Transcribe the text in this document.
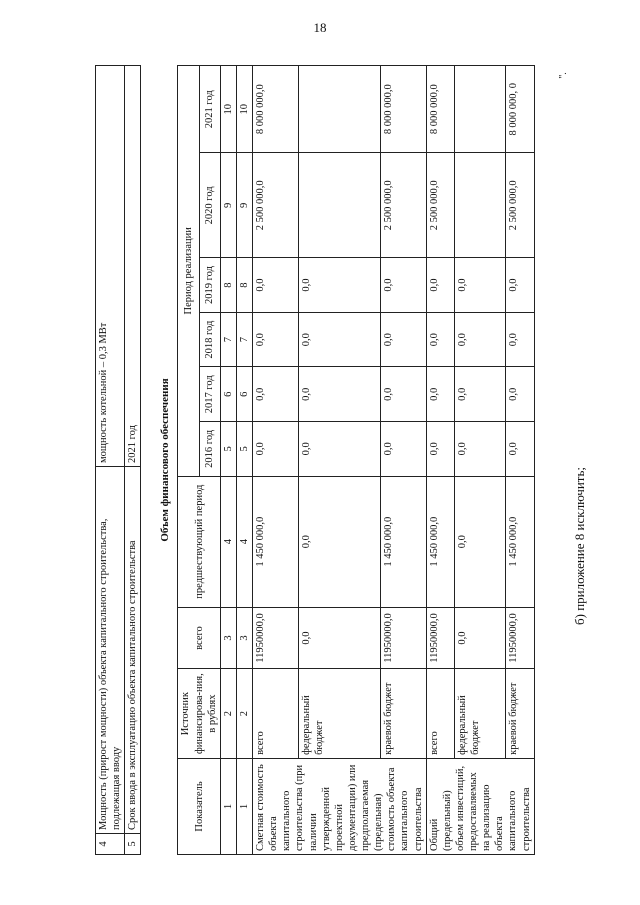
18
4	Мощность (прирост мощности) объекта капитального строительства, подлежащая вводу	мощность котельной – 0,3 МВт
5	Срок ввода в эксплуатацию объекта капитального строительства	2021 год Объем финансового обеспечения
Показатель	Источник финансирова-ния, в рублях	всего	предшествующий период	Период реализации					
				2016 год	2017 год	2018 год	2019 год	2020 год	2021 год
1	2	3	4	5	6	7	8	9	10
1	2	3	4	5	6	7	8	9	10
Сметная стоимость объекта капитального строительства (при наличии утвержденной проектной документации) или предполагаемая (предельная) стоимость объекта капитального строительства	всего	11950000,0	1 450 000,0	0,0	0,0	0,0	0,0	2 500 000,0	8 000 000,0
	федеральный бюджет	0,0	0,0	0,0	0,0	0,0	0,0		
	краевой бюджет	11950000,0	1 450 000,0	0,0	0,0	0,0	0,0	2 500 000,0	8 000 000,0
Общий (предельный) объем инвестиций, предоставляемых на реализацию объекта капитального строительства	всего	11950000,0	1 450 000,0	0,0	0,0	0,0	0,0	2 500 000,0	8 000 000,0
	федеральный бюджет	0,0	0,0	0,0	0,0	0,0	0,0		
	краевой бюджет	11950000,0	1 450 000,0	0,0	0,0	0,0	0,0	2 500 000,0	8 000 000, 0
б) приложение 8 исключить;
".
